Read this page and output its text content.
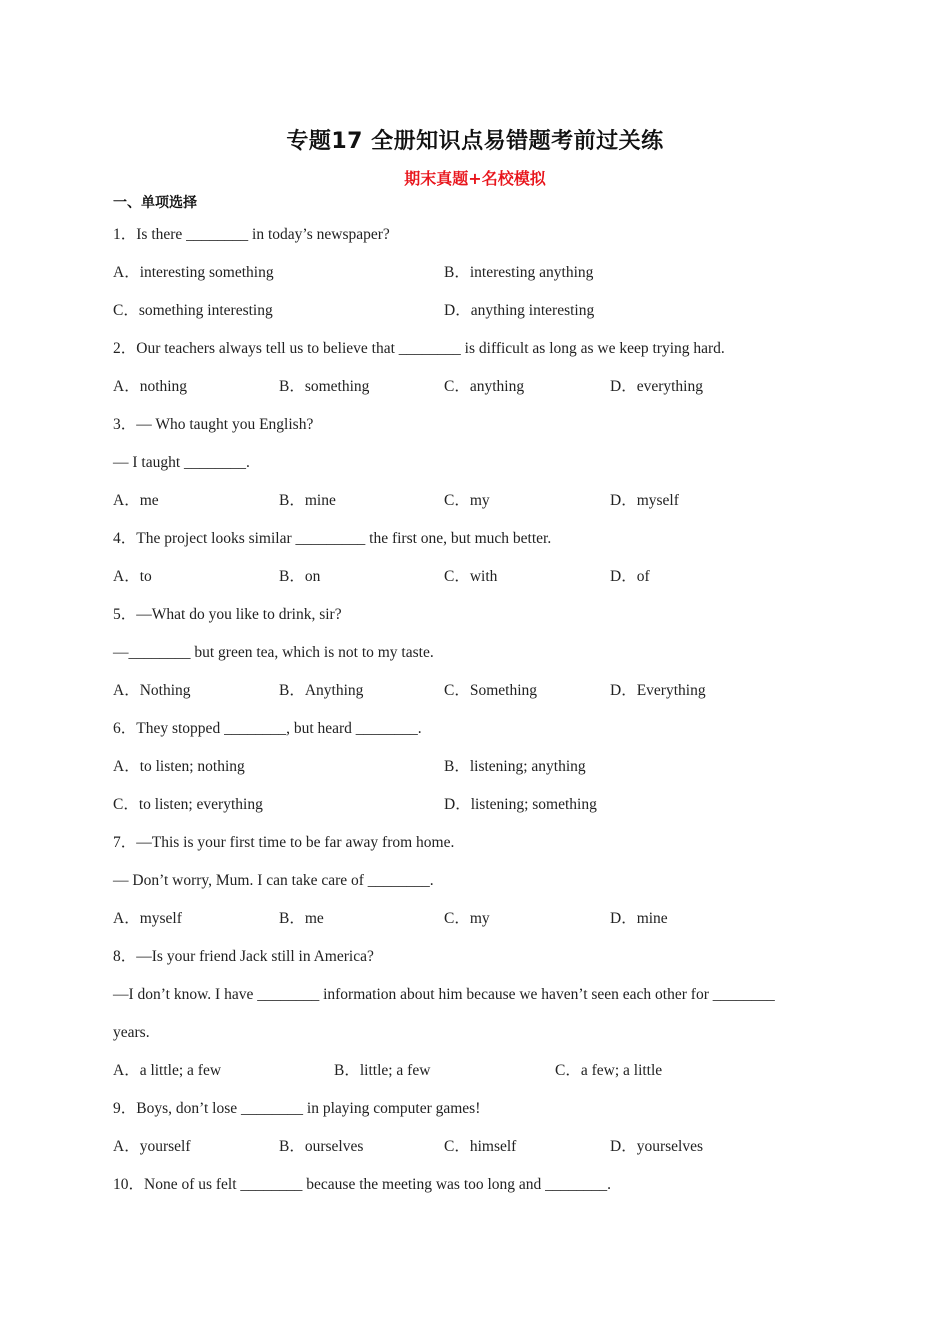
专题17 全册知识点易错题考前过关练
期末真题+名校模拟
一、单项选择
1．Is there ________ in today’s newspaper?
A．interesting something	B．interesting anything
C．something interesting	D．anything interesting
2．Our teachers always tell us to believe that ________ is difficult as long as we keep trying hard.
A．nothing	B．something	C．anything	D．everything
3．— Who taught you English?
— I taught ________.
A．me	B．mine	C．my	D．myself
4．The project looks similar _________ the first one, but much better.
A．to	B．on	C．with	D．of
5．—What do you like to drink, sir?
—________ but green tea, which is not to my taste.
A．Nothing	B．Anything	C．Something	D．Everything
6．They stopped ________, but heard ________.
A．to listen; nothing	B．listening; anything
C．to listen; everything	D．listening; something
7．—This is your first time to be far away from home.
— Don’t worry, Mum. I can take care of ________.
A．myself	B．me	C．my	D．mine
8．—Is your friend Jack still in America?
—I don’t know. I have ________ information about him because we haven’t seen each other for ________
years.
A．a little; a few	B．little; a few	C．a few; a little
9．Boys, don’t lose ________ in playing computer games!
A．yourself	B．ourselves	C．himself	D．yourselves
10．None of us felt ________ because the meeting was too long and ________.
